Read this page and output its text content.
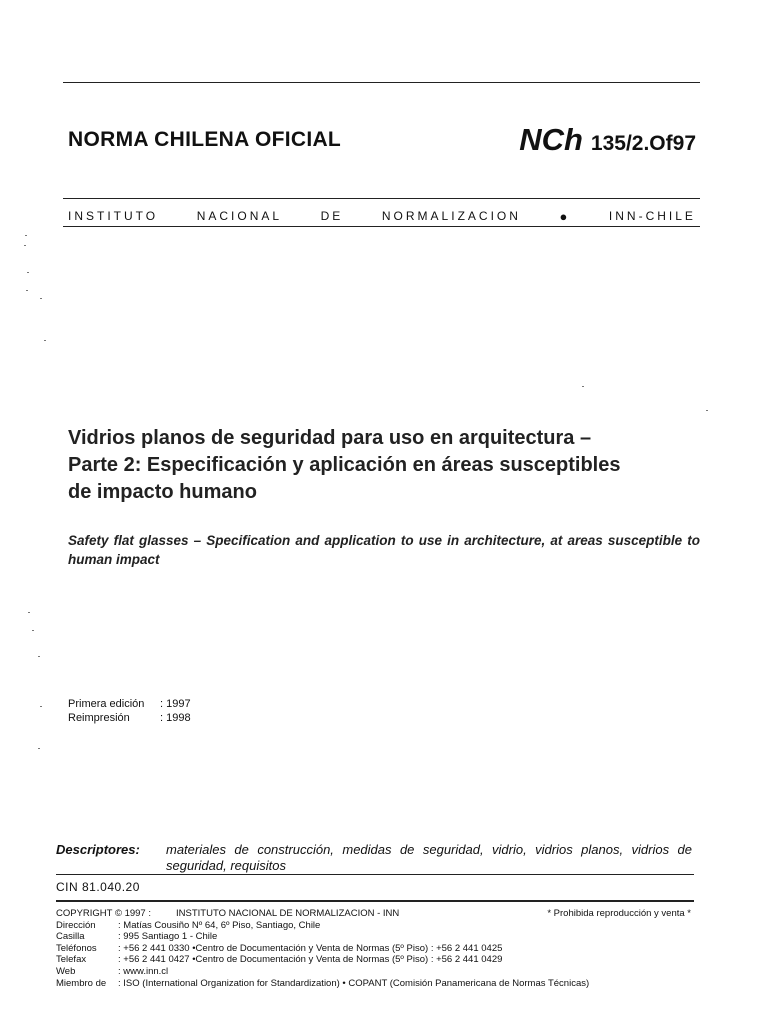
NORMA CHILENA OFICIAL	NCh 135/2.Of97
INSTITUTO	NACIONAL	DE	NORMALIZACION	●	INN-CHILE
Vidrios planos de seguridad para uso en arquitectura –
Parte 2: Especificación y aplicación en áreas susceptibles
de impacto humano
Safety flat glasses – Specification and application to use in architecture, at areas susceptible to human impact
Primera edición	: 1997
Reimpresión	: 1998
Descriptores:	materiales de construcción, medidas de seguridad, vidrio, vidrios planos, vidrios de seguridad, requisitos
CIN 81.040.20
COPYRIGHT © 1997 :	INSTITUTO NACIONAL DE NORMALIZACION - INN	* Prohibida reproducción y venta *
Dirección	: Matías Cousiño Nº 64, 6º Piso, Santiago, Chile
Casilla	: 995 Santiago 1 - Chile
Teléfonos	: +56 2 441 0330 •Centro de Documentación y Venta de Normas (5º Piso) : +56 2 441 0425
Telefax	: +56 2 441 0427 •Centro de Documentación y Venta de Normas (5º Piso) : +56 2 441 0429
Web	: www.inn.cl
Miembro de	: ISO (International Organization for Standardization) • COPANT (Comisión Panamericana de Normas Técnicas)
